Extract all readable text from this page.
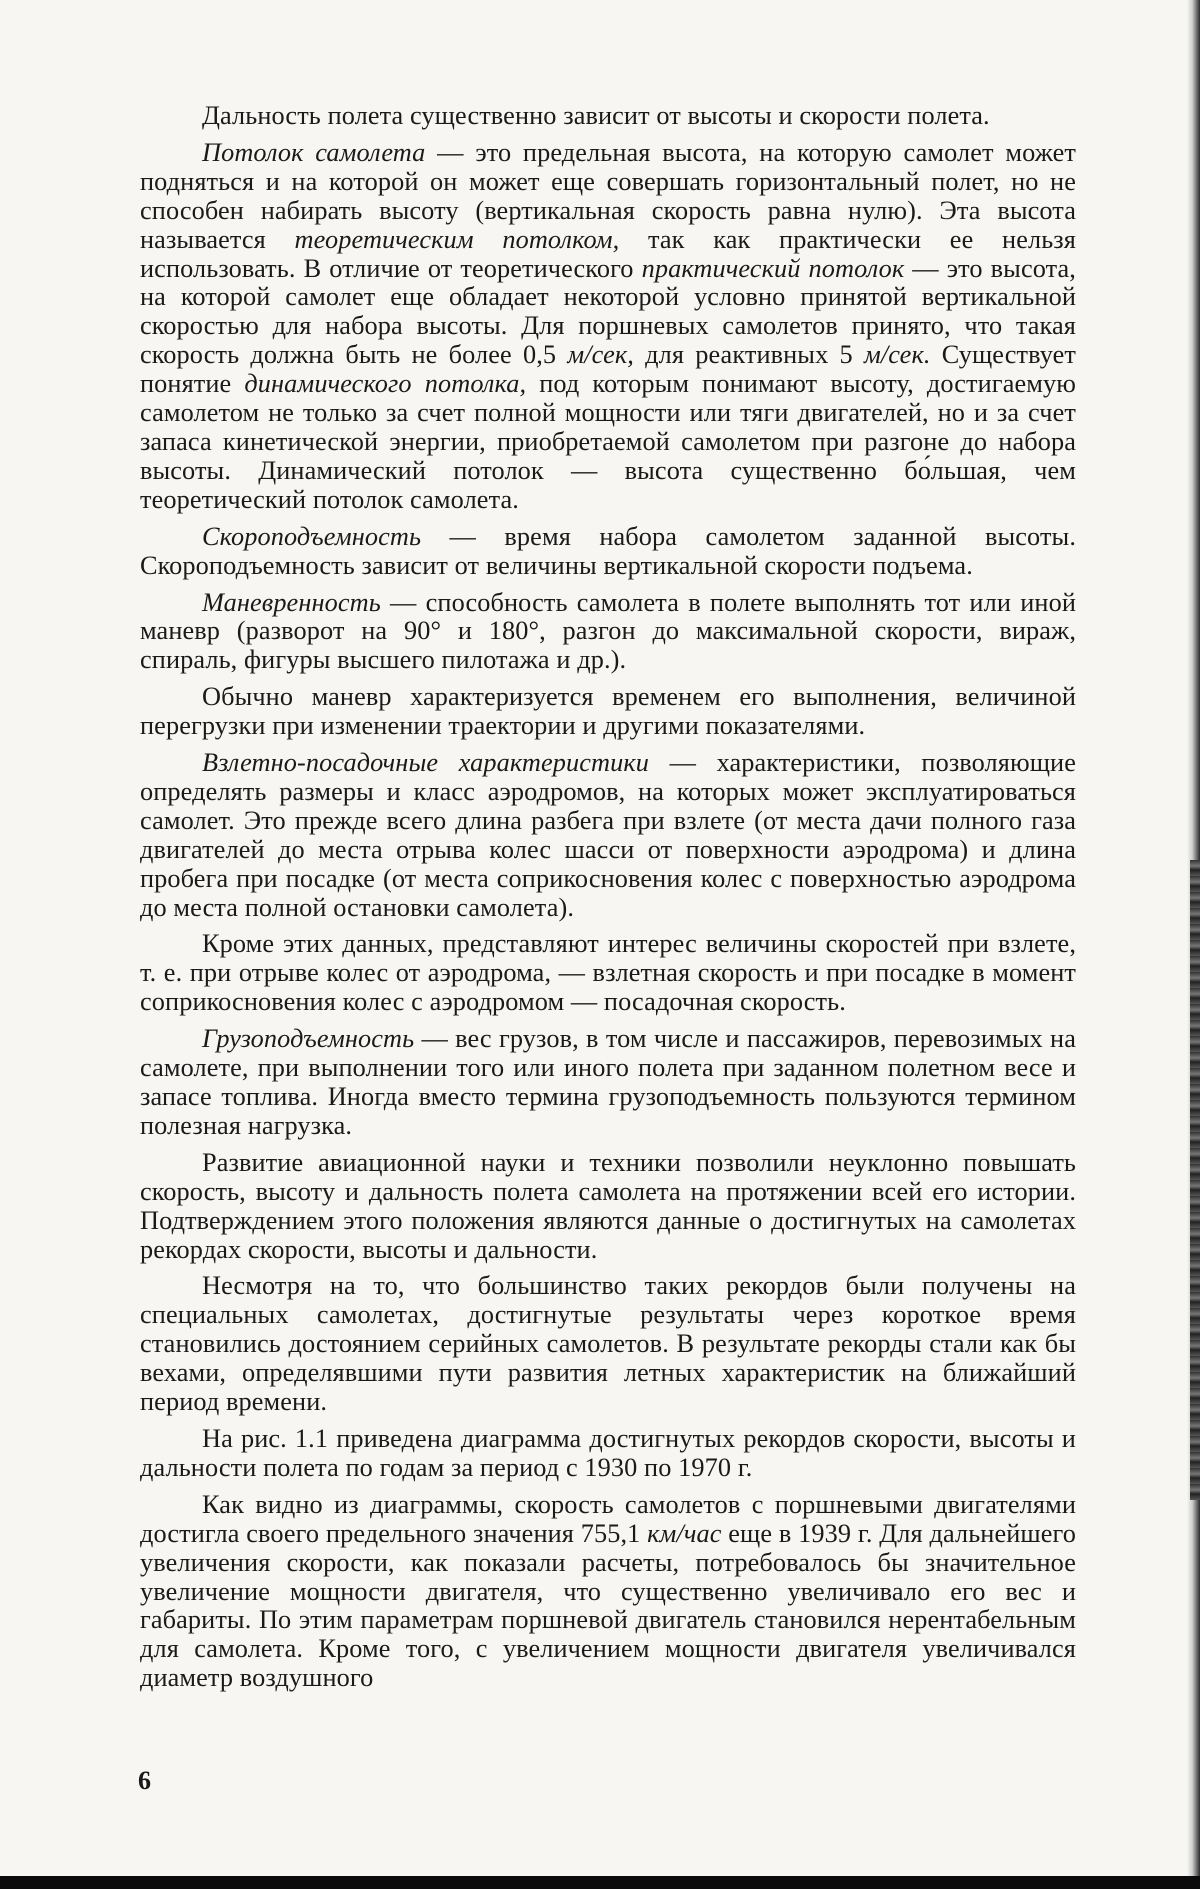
Дальность полета существенно зависит от высоты и скорости полета.

Потолок самолета — это предельная высота, на которую самолет может подняться и на которой он может еще совершать горизонтальный полет, но не способен набирать высоту (вертикальная скорость равна нулю). Эта высота называется теоретическим потолком, так как практически ее нельзя использовать. В отличие от теоретического практический потолок — это высота, на которой самолет еще обладает некоторой условно принятой вертикальной скоростью для набора высоты. Для поршневых самолетов принято, что такая скорость должна быть не более 0,5 м/сек, для реактивных 5 м/сек. Существует понятие динамического потолка, под которым понимают высоту, достигаемую самолетом не только за счет полной мощности или тяги двигателей, но и за счет запаса кинетической энергии, приобретаемой самолетом при разгоне до набора высоты. Динамический потолок — высота существенно бо́льшая, чем теоретический потолок самолета.

Скороподъемность — время набора самолетом заданной высоты. Скороподъемность зависит от величины вертикальной скорости подъема.

Маневренность — способность самолета в полете выполнять тот или иной маневр (разворот на 90° и 180°, разгон до максимальной скорости, вираж, спираль, фигуры высшего пилотажа и др.).

Обычно маневр характеризуется временем его выполнения, величиной перегрузки при изменении траектории и другими показателями.

Взлетно-посадочные характеристики — характеристики, позволяющие определять размеры и класс аэродромов, на которых может эксплуатироваться самолет. Это прежде всего длина разбега при взлете (от места дачи полного газа двигателей до места отрыва колес шасси от поверхности аэродрома) и длина пробега при посадке (от места соприкосновения колес с поверхностью аэродрома до места полной остановки самолета).

Кроме этих данных, представляют интерес величины скоростей при взлете, т. е. при отрыве колес от аэродрома, — взлетная скорость и при посадке в момент соприкосновения колес с аэродромом — посадочная скорость.

Грузоподъемность — вес грузов, в том числе и пассажиров, перевозимых на самолете, при выполнении того или иного полета при заданном полетном весе и запасе топлива. Иногда вместо термина грузоподъемность пользуются термином полезная нагрузка.

Развитие авиационной науки и техники позволили неуклонно повышать скорость, высоту и дальность полета самолета на протяжении всей его истории. Подтверждением этого положения являются данные о достигнутых на самолетах рекордах скорости, высоты и дальности.

Несмотря на то, что большинство таких рекордов были получены на специальных самолетах, достигнутые результаты через короткое время становились достоянием серийных самолетов. В результате рекорды стали как бы вехами, определявшими пути развития летных характеристик на ближайший период времени.

На рис. 1.1 приведена диаграмма достигнутых рекордов скорости, высоты и дальности полета по годам за период с 1930 по 1970 г.

Как видно из диаграммы, скорость самолетов с поршневыми двигателями достигла своего предельного значения 755,1 км/час еще в 1939 г. Для дальнейшего увеличения скорости, как показали расчеты, потребовалось бы значительное увеличение мощности двигателя, что существенно увеличивало его вес и габариты. По этим параметрам поршневой двигатель становился нерентабельным для самолета. Кроме того, с увеличением мощности двигателя увеличивался диаметр воздушного

6
